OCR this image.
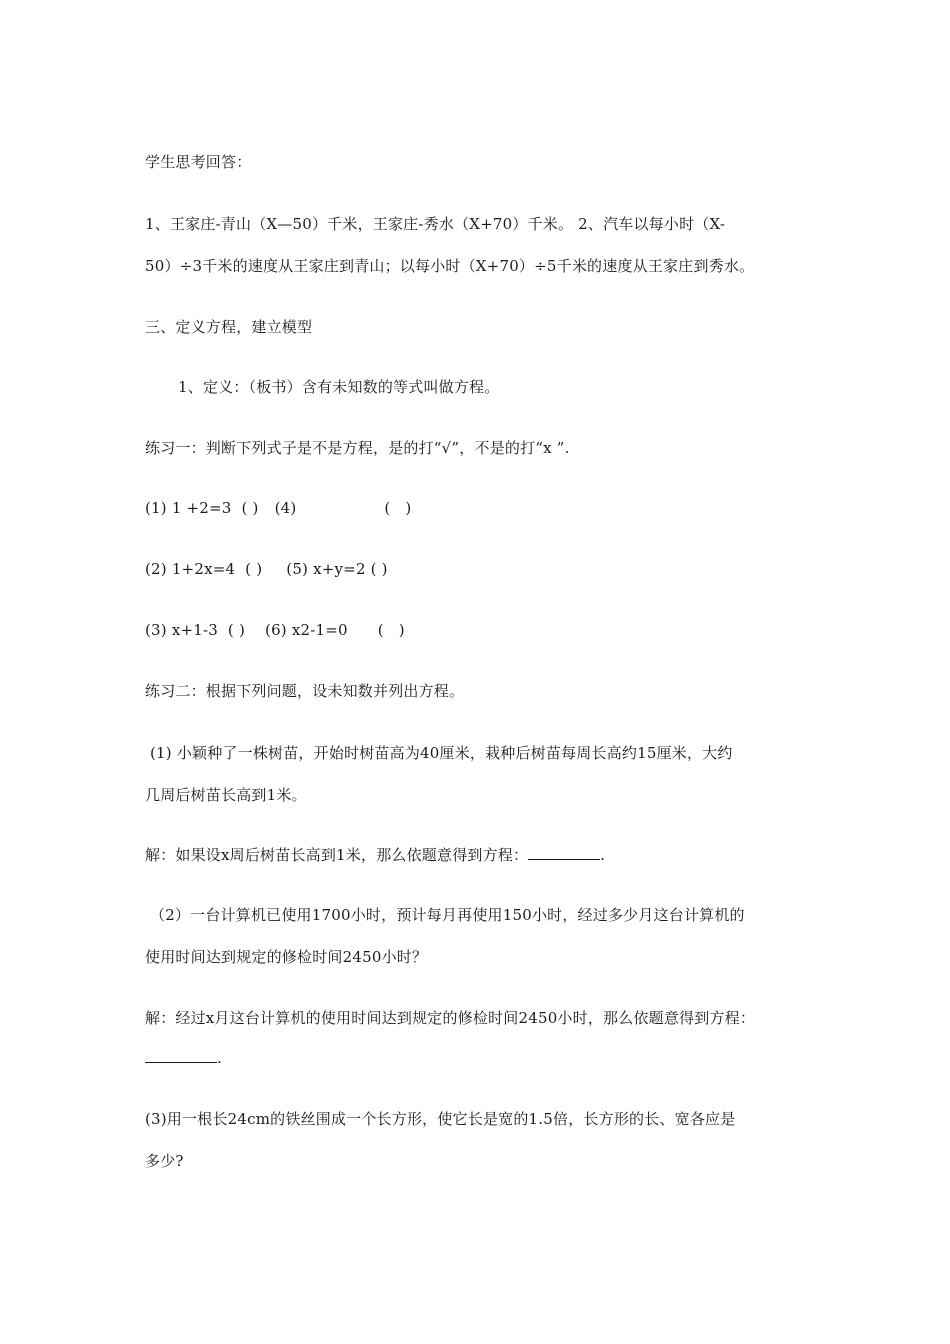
学生思考回答：
1、王家庄-青山（X—50）千米，王家庄-秀水（X+70）千米。 2、汽车以每小时（X-
50）÷3千米的速度从王家庄到青山；以每小时（X+70）÷5千米的速度从王家庄到秀水。
三、定义方程，建立模型
1、定义：（板书）含有未知数的等式叫做方程。
练习一：判断下列式子是不是方程，是的打“√”，不是的打“x ”.
(1) 1 +2=3  ( ) (4)	(   )
(2) 1+2x=4  ( ) (5) x+y=2 ( )
(3) x+1-3  ( ) (6) x2-1=0 (   )
练习二：根据下列问题，设未知数并列出方程。
(1) 小颖种了一株树苗，开始时树苗高为40厘米，栽种后树苗每周长高约15厘米，大约
几周后树苗长高到1米。
解：如果设x周后树苗长高到1米，那么依题意得到方程：	.
（2）一台计算机已使用1700小时，预计每月再使用150小时，经过多少月这台计算机的
使用时间达到规定的修检时间2450小时？
解：经过x月这台计算机的使用时间达到规定的修检时间2450小时，那么依题意得到方程：
.
(3)用一根长24cm的铁丝围成一个长方形，使它长是宽的1.5倍，长方形的长、宽各应是
多少?
